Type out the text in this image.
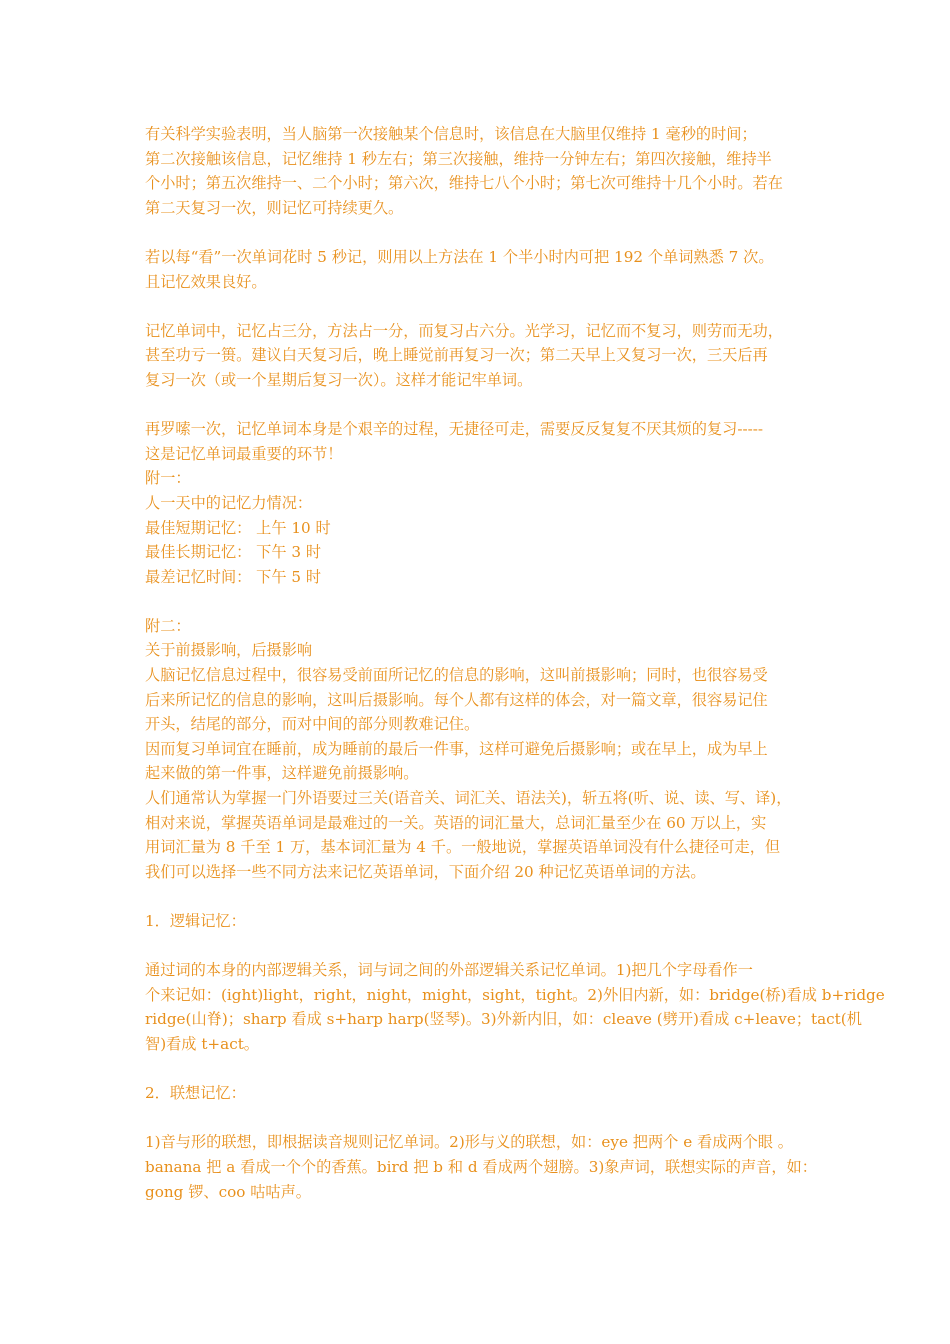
有关科学实验表明，当人脑第一次接触某个信息时，该信息在大脑里仅维持 1 毫秒的时间；
第二次接触该信息，记忆维持 1 秒左右；第三次接触，维持一分钟左右；第四次接触，维持半
个小时；第五次维持一、二个小时；第六次，维持七八个小时；第七次可维持十几个小时。若在
第二天复习一次，则记忆可持续更久。
若以每“看”一次单词花时 5 秒记，则用以上方法在 1 个半小时内可把 192 个单词熟悉 7 次。
且记忆效果良好。
记忆单词中，记忆占三分，方法占一分，而复习占六分。光学习，记忆而不复习，则劳而无功，
甚至功亏一篑。建议白天复习后，晚上睡觉前再复习一次；第二天早上又复习一次，三天后再
复习一次（或一个星期后复习一次）。这样才能记牢单词。
再罗嗦一次，记忆单词本身是个艰辛的过程，无捷径可走，需要反反复复不厌其烦的复习-----
这是记忆单词最重要的环节！
附一：
人一天中的记忆力情况：
最佳短期记忆： 上午 10 时
最佳长期记忆： 下午 3 时
最差记忆时间： 下午 5 时
附二：
关于前摄影响，后摄影响
人脑记忆信息过程中，很容易受前面所记忆的信息的影响，这叫前摄影响；同时，也很容易受
后来所记忆的信息的影响，这叫后摄影响。每个人都有这样的体会，对一篇文章，很容易记住
开头，结尾的部分，而对中间的部分则教难记住。
因而复习单词宜在睡前，成为睡前的最后一件事，这样可避免后摄影响；或在早上，成为早上
起来做的第一件事，这样避免前摄影响。
人们通常认为掌握一门外语要过三关(语音关、词汇关、语法关)，斩五将(听、说、读、写、译)，
相对来说，掌握英语单词是最难过的一关。英语的词汇量大，总词汇量至少在 60 万以上，实
用词汇量为 8 千至 1 万，基本词汇量为 4 千。一般地说，掌握英语单词没有什么捷径可走，但
我们可以选择一些不同方法来记忆英语单词，下面介绍 20 种记忆英语单词的方法。
1．逻辑记忆：
通过词的本身的内部逻辑关系，词与词之间的外部逻辑关系记忆单词。1)把几个字母看作一
个来记如：(ight)light，right，night，might，sight，tight。2)外旧内新，如：bridge(桥)看成 b+ridge
ridge(山脊)；sharp 看成 s+harp harp(竖琴)。3)外新内旧，如：cleave (劈开)看成 c+leave；tact(机
智)看成 t+act。
2．联想记忆：
1)音与形的联想，即根据读音规则记忆单词。2)形与义的联想，如：eye 把两个 e 看成两个眼 。
banana 把 a 看成一个个的香蕉。bird 把 b 和 d 看成两个翅膀。3)象声词，联想实际的声音，如：
gong 锣、coo 咕咕声。
